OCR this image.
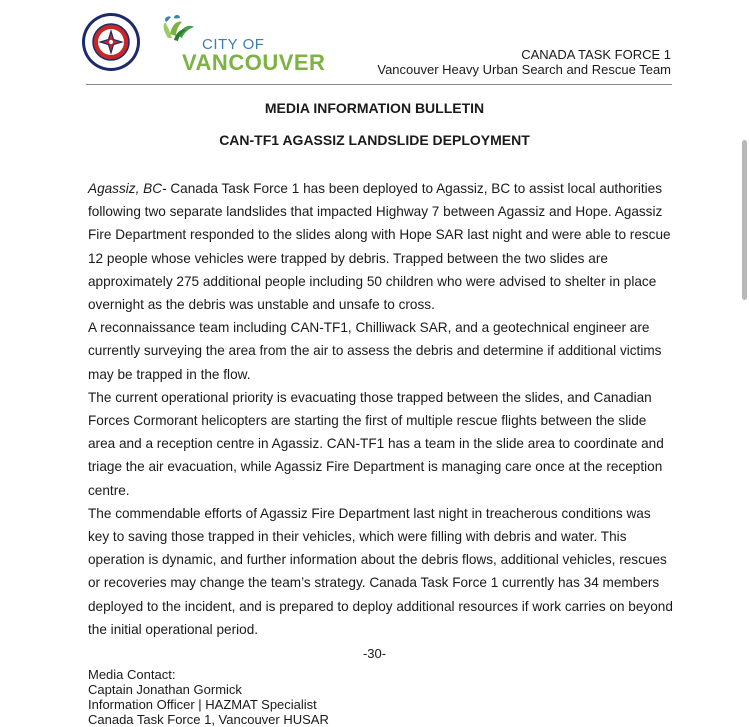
CITY OF
VANCOUVER	CANADA TASK FORCE 1
Vancouver Heavy Urban Search and Rescue Team
MEDIA INFORMATION BULLETIN
CAN-TF1 AGASSIZ LANDSLIDE DEPLOYMENT

Agassiz, BC- Canada Task Force 1 has been deployed to Agassiz, BC to assist local authorities following two separate landslides that impacted Highway 7 between Agassiz and Hope. Agassiz Fire Department responded to the slides along with Hope SAR last night and were able to rescue 12 people whose vehicles were trapped by debris. Trapped between the two slides are approximately 275 additional people including 50 children who were advised to shelter in place overnight as the debris was unstable and unsafe to cross.

A reconnaissance team including CAN-TF1, Chilliwack SAR, and a geotechnical engineer are currently surveying the area from the air to assess the debris and determine if additional victims may be trapped in the flow.

The current operational priority is evacuating those trapped between the slides, and Canadian Forces Cormorant helicopters are starting the first of multiple rescue flights between the slide area and a reception centre in Agassiz. CAN-TF1 has a team in the slide area to coordinate and triage the air evacuation, while Agassiz Fire Department is managing care once at the reception centre.

The commendable efforts of Agassiz Fire Department last night in treacherous conditions was key to saving those trapped in their vehicles, which were filling with debris and water. This operation is dynamic, and further information about the debris flows, additional vehicles, rescues or recoveries may change the team’s strategy. Canada Task Force 1 currently has 34 members deployed to the incident, and is prepared to deploy additional resources if work carries on beyond the initial operational period.

-30-
Media Contact:
Captain Jonathan Gormick
Information Officer | HAZMAT Specialist
Canada Task Force 1, Vancouver HUSAR
